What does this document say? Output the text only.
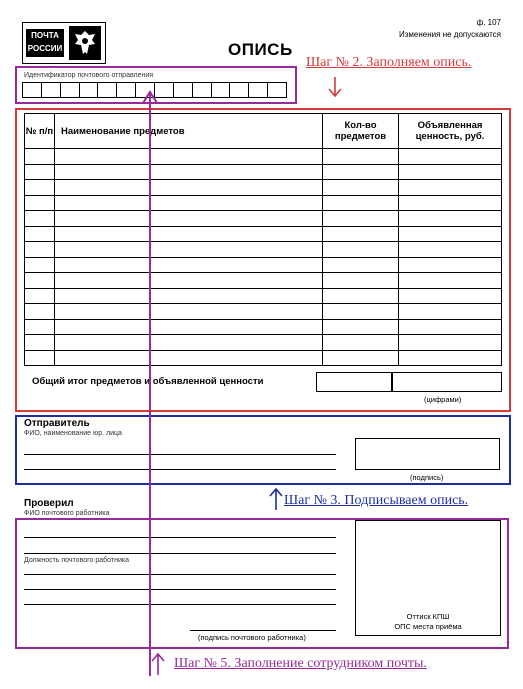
ПОЧТА
РОССИИ
ф. 107
Изменения не допускаются
ОПИСЬ
Шаг № 2. Заполняем опись.
Идентификатор почтового отправления
№ п/п	Наименование предметов	Кол-во предметов	Объявленная ценность, руб.

Общий итог предметов и объявленной ценности
(цифрами)
Отправитель
ФИО, наименование юр. лица
(подпись)
Шаг № 3. Подписываем опись.
Проверил
ФИО почтового работника
Должность почтового работника
(подпись почтового работника)
Оттиск КПШ
ОПС места приёма
Шаг № 5. Заполнение сотрудником почты.
